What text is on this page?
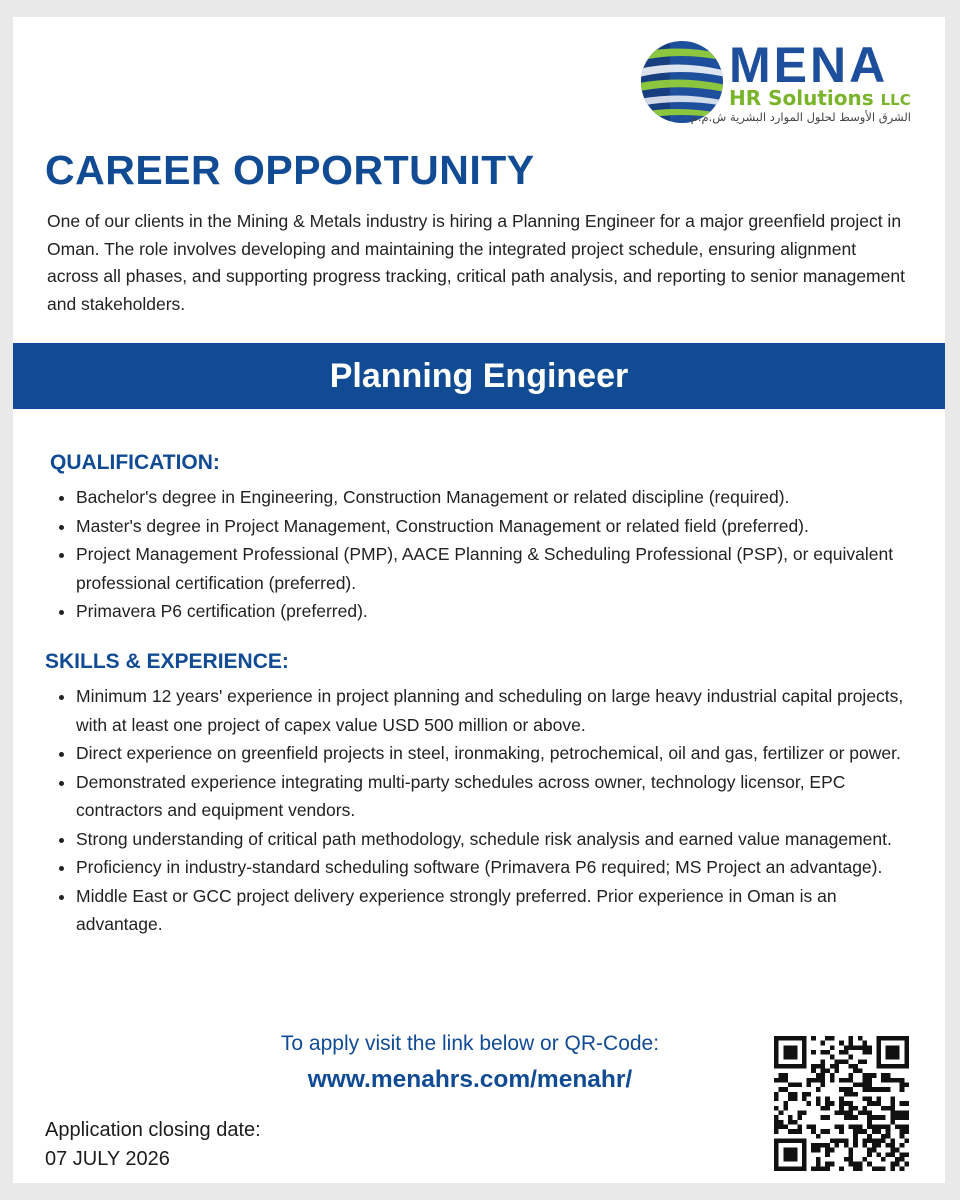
MENA
HR Solutions LLC
الشرق الأوسط لحلول الموارد البشرية ش.م.م
CAREER OPPORTUNITY

One of our clients in the Mining & Metals industry is hiring a Planning Engineer for a major greenfield project in Oman. The role involves developing and maintaining the integrated project schedule, ensuring alignment across all phases, and supporting progress tracking, critical path analysis, and reporting to senior management and stakeholders.

Planning Engineer
QUALIFICATION:
• Bachelor's degree in Engineering, Construction Management or related discipline (required).
• Master's degree in Project Management, Construction Management or related field (preferred).
• Project Management Professional (PMP), AACE Planning & Scheduling Professional (PSP), or equivalent professional certification (preferred).
• Primavera P6 certification (preferred).
SKILLS & EXPERIENCE:
• Minimum 12 years' experience in project planning and scheduling on large heavy industrial capital projects, with at least one project of capex value USD 500 million or above.
• Direct experience on greenfield projects in steel, ironmaking, petrochemical, oil and gas, fertilizer or power.
• Demonstrated experience integrating multi-party schedules across owner, technology licensor, EPC contractors and equipment vendors.
• Strong understanding of critical path methodology, schedule risk analysis and earned value management.
• Proficiency in industry-standard scheduling software (Primavera P6 required; MS Project an advantage).
• Middle East or GCC project delivery experience strongly preferred. Prior experience in Oman is an advantage.
To apply visit the link below or QR-Code:
www.menahrs.com/menahr/
Application closing date:
07 JULY 2026
